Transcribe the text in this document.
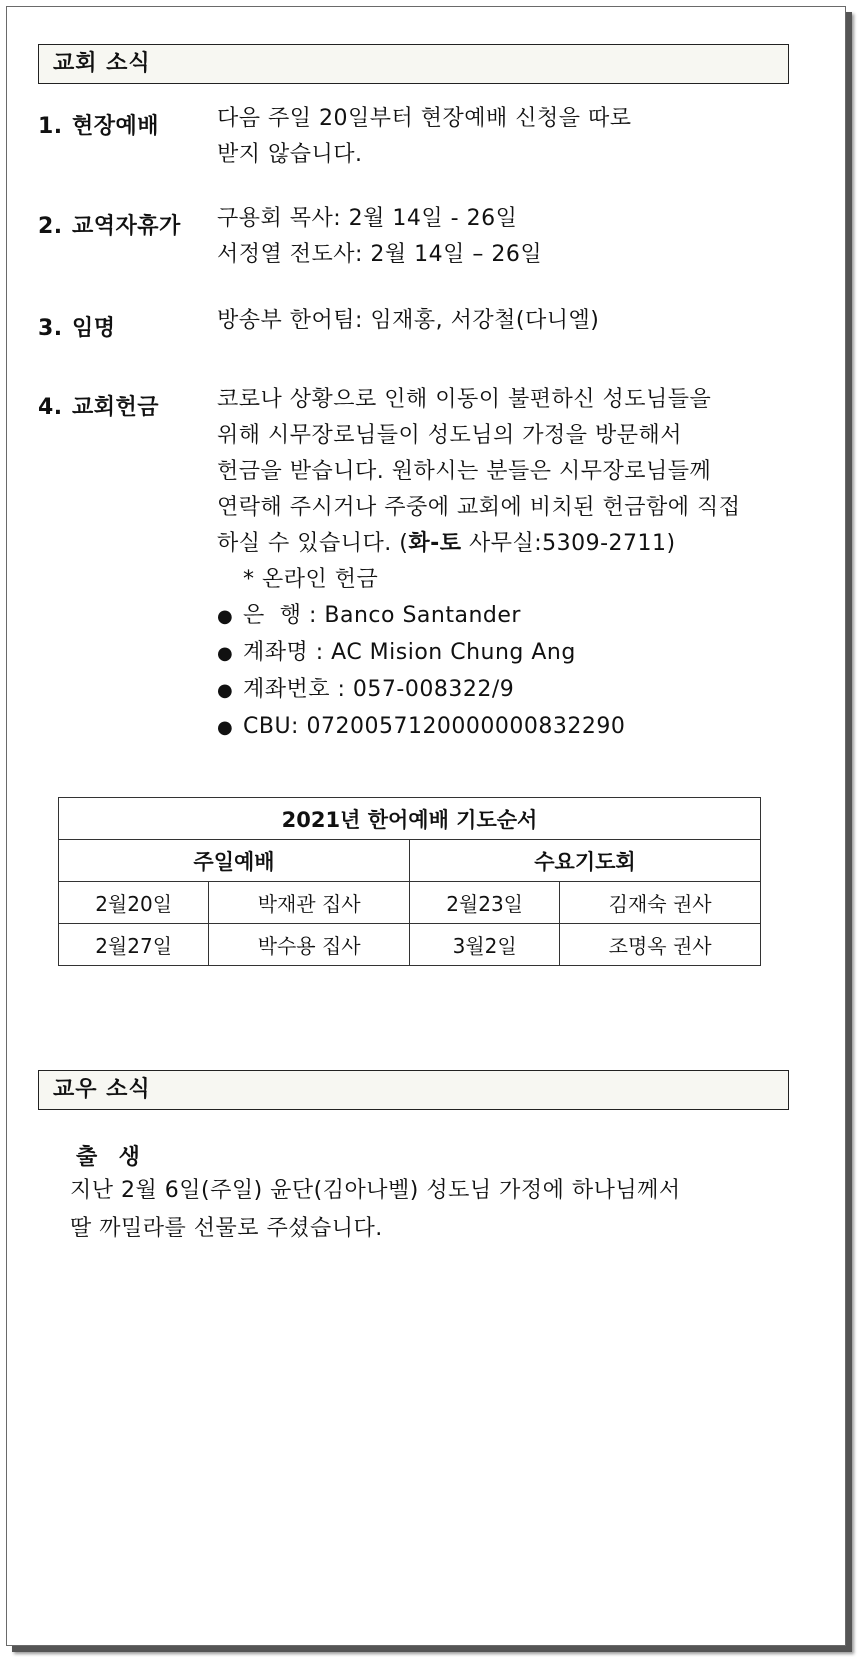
교회 소식
1. 현장예배	다음 주일 20일부터 현장예배 신청을 따로

받지 않습니다.

2. 교역자휴가 구용회 목사: 2월 14일 - 26일

서정열 전도사: 2월 14일 – 26일

3. 임명	방송부 한어팀: 임재홍, 서강철(다니엘)

4. 교회헌금	코로나 상황으로 인해 이동이 불편하신 성도님들을

위해 시무장로님들이 성도님의 가정을 방문해서

헌금을 받습니다. 원하시는 분들은 시무장로님들께

연락해 주시거나 주중에 교회에 비치된 헌금함에 직접

하실 수 있습니다. (화-토 사무실:5309-2711)

* 온라인 헌금

● 은  행 : Banco Santander
● 계좌명 : AC Mision Chung Ang
● 계좌번호 : 057-008322/9
● CBU: 0720057120000000832290
2021년 한어예배 기도순서			
주일예배		수요기도회	
2월20일	박재관 집사	2월23일	김재숙 권사
2월27일	박수용 집사	3월2일	조명옥 권사
교우 소식
출  생

지난 2월 6일(주일) 윤단(김아나벨) 성도님 가정에 하나님께서

딸 까밀라를 선물로 주셨습니다.
